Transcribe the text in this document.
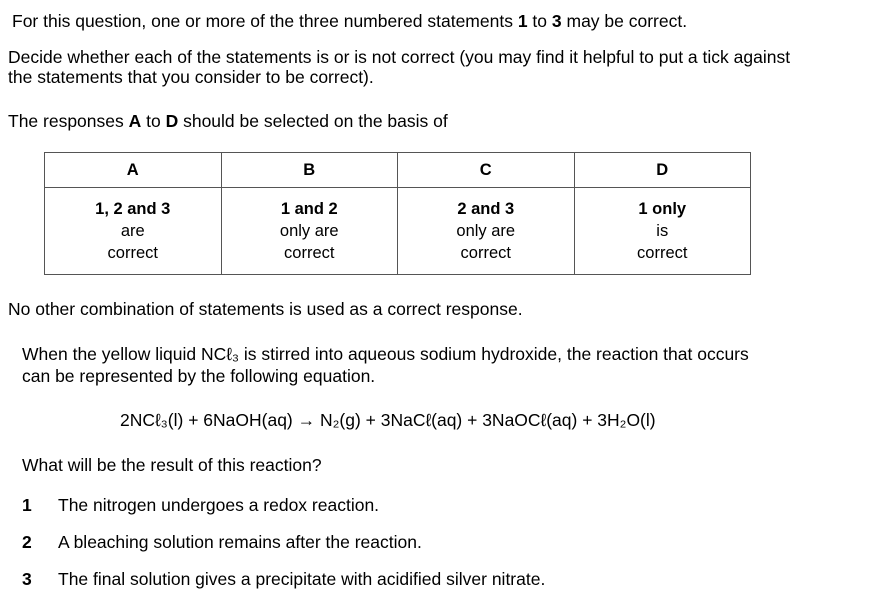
For this question, one or more of the three numbered statements 1 to 3 may be correct.
Decide whether each of the statements is or is not correct (you may find it helpful to put a tick against
the statements that you consider to be correct).
The responses A to D should be selected on the basis of
A	B	C	D
1, 2 and 3
are
correct	1 and 2
only are
correct	2 and 3
only are
correct	1 only
is
correct
No other combination of statements is used as a correct response.
When the yellow liquid NCℓ₃ is stirred into aqueous sodium hydroxide, the reaction that occurs
can be represented by the following equation.
2NCℓ₃(l) + 6NaOH(aq) → N₂(g) + 3NaCℓ(aq) + 3NaOCℓ(aq) + 3H₂O(l)
What will be the result of this reaction?
1 The nitrogen undergoes a redox reaction.
2 A bleaching solution remains after the reaction.
3 The final solution gives a precipitate with acidified silver nitrate.
